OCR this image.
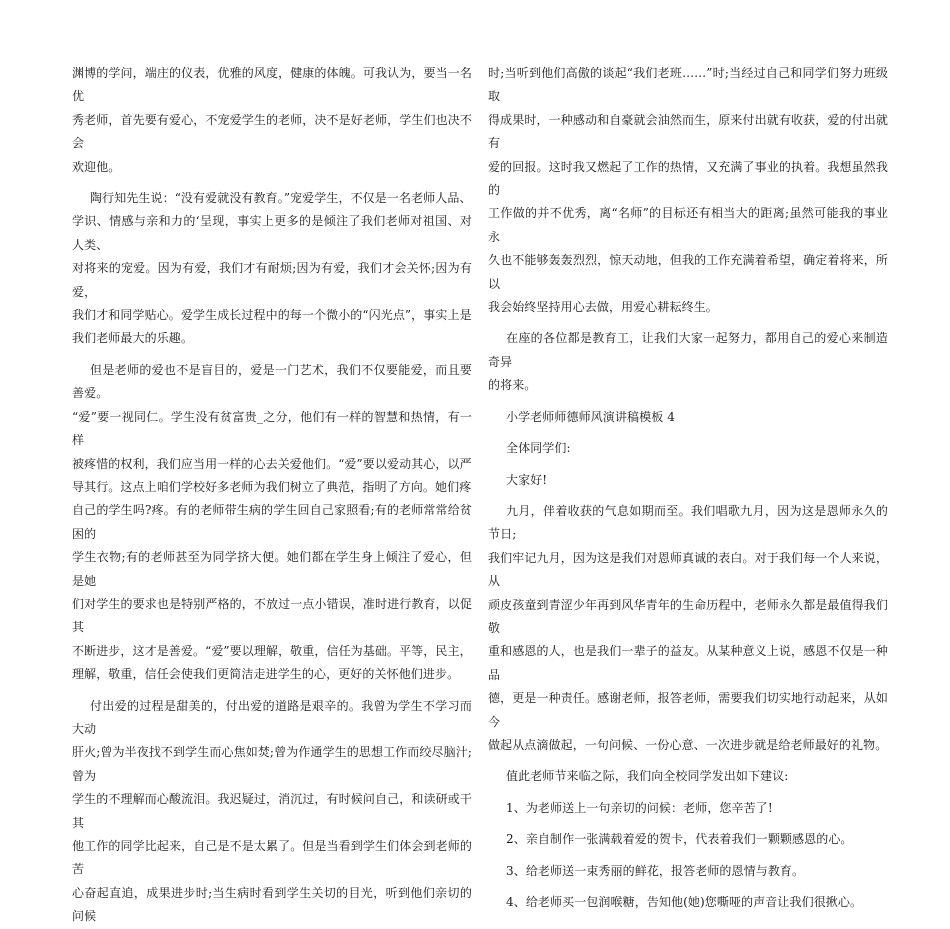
渊博的学问，端庄的仪表，优雅的风度，健康的体魄。可我认为，要当一名优
秀老师，首先要有爱心，不宠爱学生的老师，决不是好老师，学生们也决不会
欢迎他。

陶行知先生说：“没有爱就没有教育。”宠爱学生，不仅是一名老师人品、
学识、情感与亲和力的‘呈现，事实上更多的是倾注了我们老师对祖国、对人类、
对将来的宠爱。因为有爱，我们才有耐烦;因为有爱，我们才会关怀;因为有爱，
我们才和同学贴心。爱学生成长过程中的每一个微小的“闪光点”，事实上是
我们老师最大的乐趣。

但是老师的爱也不是盲目的，爱是一门艺术，我们不仅要能爱，而且要善爱。
“爱”要一视同仁。学生没有贫富贵_之分，他们有一样的智慧和热情，有一样
被疼惜的权利，我们应当用一样的心去关爱他们。“爱”要以爱动其心，以严
导其行。这点上咱们学校好多老师为我们树立了典范，指明了方向。她们疼
自己的学生吗?疼。有的老师带生病的学生回自己家照看;有的老师常常给贫困的
学生衣物;有的老师甚至为同学挤大便。她们都在学生身上倾注了爱心，但是她
们对学生的要求也是特别严格的，不放过一点小错误，准时进行教育，以促其
不断进步，这才是善爱。“爱”要以理解，敬重，信任为基础。平等，民主，
理解，敬重，信任会使我们更简洁走进学生的心，更好的关怀他们进步。

付出爱的过程是甜美的，付出爱的道路是艰辛的。我曾为学生不学习而大动
肝火;曾为半夜找不到学生而心焦如焚;曾为作通学生的思想工作而绞尽脑汁;曾为
学生的不理解而心酸流泪。我迟疑过，消沉过，有时候问自己，和读研或干其
他工作的同学比起来，自己是不是太累了。但是当看到学生们体会到老师的苦
心奋起直追，成果进步时;当生病时看到学生关切的目光，听到他们亲切的问候

时;当听到他们高傲的谈起“我们老班……”时;当经过自己和同学们努力班级取
得成果时，一种感动和自豪就会油然而生，原来付出就有收获，爱的付出就有
爱的回报。这时我又燃起了工作的热情，又充满了事业的执着。我想虽然我的
工作做的并不优秀，离“名师”的目标还有相当大的距离;虽然可能我的事业永
久也不能够轰轰烈烈，惊天动地，但我的工作充满着希望，确定着将来，所以
我会始终坚持用心去做，用爱心耕耘终生。

在座的各位都是教育工，让我们大家一起努力，都用自己的爱心来制造奇异
的将来。

小学老师师德师风演讲稿模板 4

全体同学们:

大家好!

九月，伴着收获的气息如期而至。我们唱歌九月，因为这是恩师永久的节日;
我们牢记九月，因为这是我们对恩师真诚的表白。对于我们每一个人来说，从
顽皮孩童到青涩少年再到风华青年的生命历程中，老师永久都是最值得我们敬
重和感恩的人，也是我们一辈子的益友。从某种意义上说，感恩不仅是一种品
德，更是一种责任。感谢老师，报答老师，需要我们切实地行动起来，从如今
做起从点滴做起，一句问候、一份心意、一次进步就是给老师最好的礼物。

值此老师节来临之际，我们向全校同学发出如下建议:

1、为老师送上一句亲切的问候：老师，您辛苦了!

2、亲自制作一张满载着爱的贺卡，代表着我们一颗颗感恩的心。

3、给老师送一束秀丽的鲜花，报答老师的恩情与教育。

4、给老师买一包润喉糖，告知他(她)您嘶哑的声音让我们很揪心。
